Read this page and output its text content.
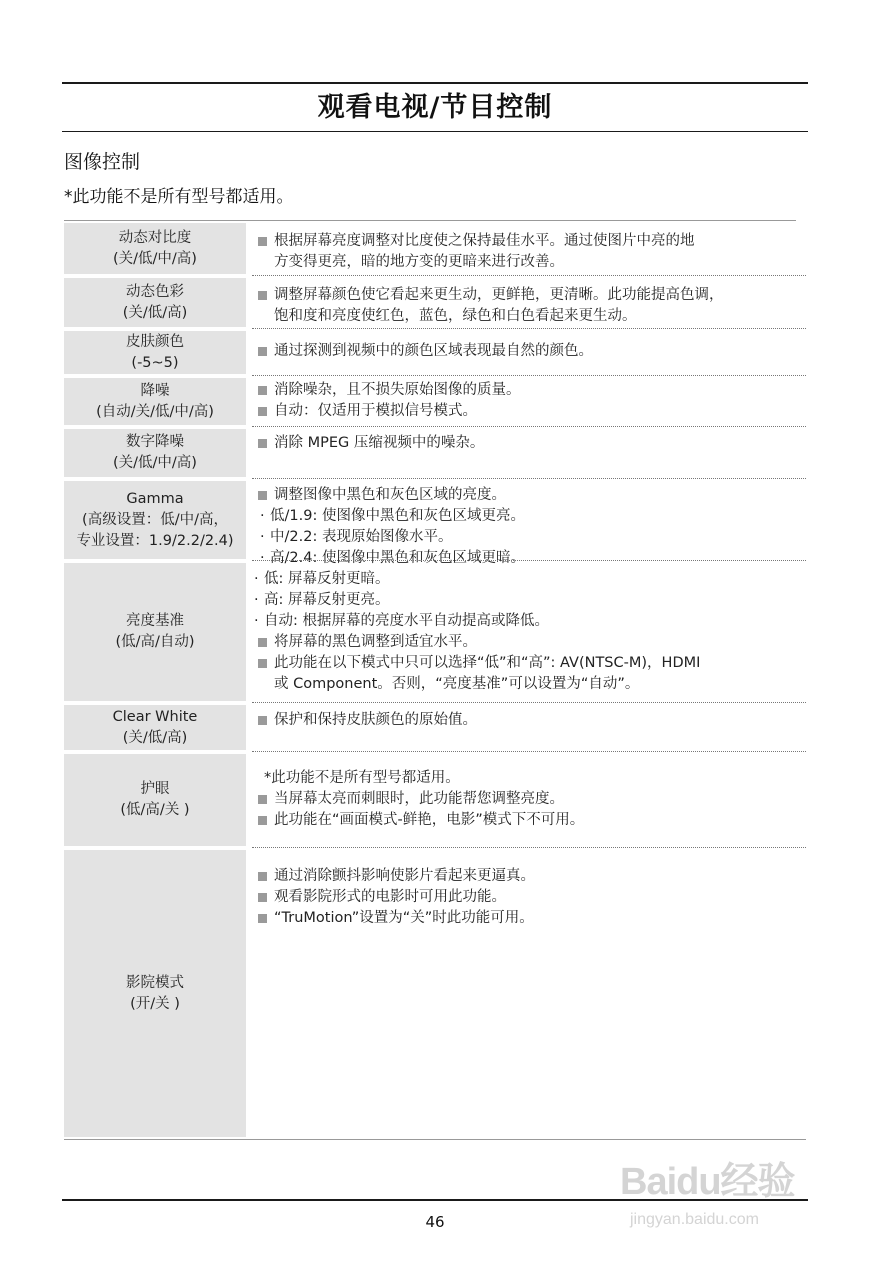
观看电视/节目控制
图像控制
*此功能不是所有型号都适用。
动态对比度
(关/低/中/高)
根据屏幕亮度调整对比度使之保持最佳水平。通过使图片中亮的地
方变得更亮，暗的地方变的更暗来进行改善。
动态色彩
(关/低/高)
调整屏幕颜色使它看起来更生动，更鲜艳，更清晰。此功能提高色调，
饱和度和亮度使红色，蓝色，绿色和白色看起来更生动。
皮肤颜色
(-5~5)
通过探测到视频中的颜色区域表现最自然的颜色。
降噪
(自动/关/低/中/高)
消除噪杂，且不损失原始图像的质量。
自动：仅适用于模拟信号模式。
数字降噪
(关/低/中/高)
消除 MPEG 压缩视频中的噪杂。
Gamma
(高级设置：低/中/高，
专业设置：1.9/2.2/2.4)
调整图像中黑色和灰色区域的亮度。
· 低/1.9: 使图像中黑色和灰色区域更亮。
· 中/2.2: 表现原始图像水平。
· 高/2.4: 使图像中黑色和灰色区域更暗。
亮度基准
(低/高/自动)
· 低: 屏幕反射更暗。
· 高: 屏幕反射更亮。
· 自动: 根据屏幕的亮度水平自动提高或降低。
将屏幕的黑色调整到适宜水平。
此功能在以下模式中只可以选择“低”和“高”: AV(NTSC-M)，HDMI
或 Component。否则，“亮度基准”可以设置为“自动”。
Clear White
(关/低/高)
保护和保持皮肤颜色的原始值。
护眼
(低/高/关 )
*此功能不是所有型号都适用。
当屏幕太亮而刺眼时，此功能帮您调整亮度。
此功能在“画面模式-鲜艳，电影”模式下不可用。
影院模式
(开/关 )
通过消除颤抖影响使影片看起来更逼真。
观看影院形式的电影时可用此功能。
“TruMotion”设置为“关”时此功能可用。
46
Baidu经验
jingyan.baidu.com
